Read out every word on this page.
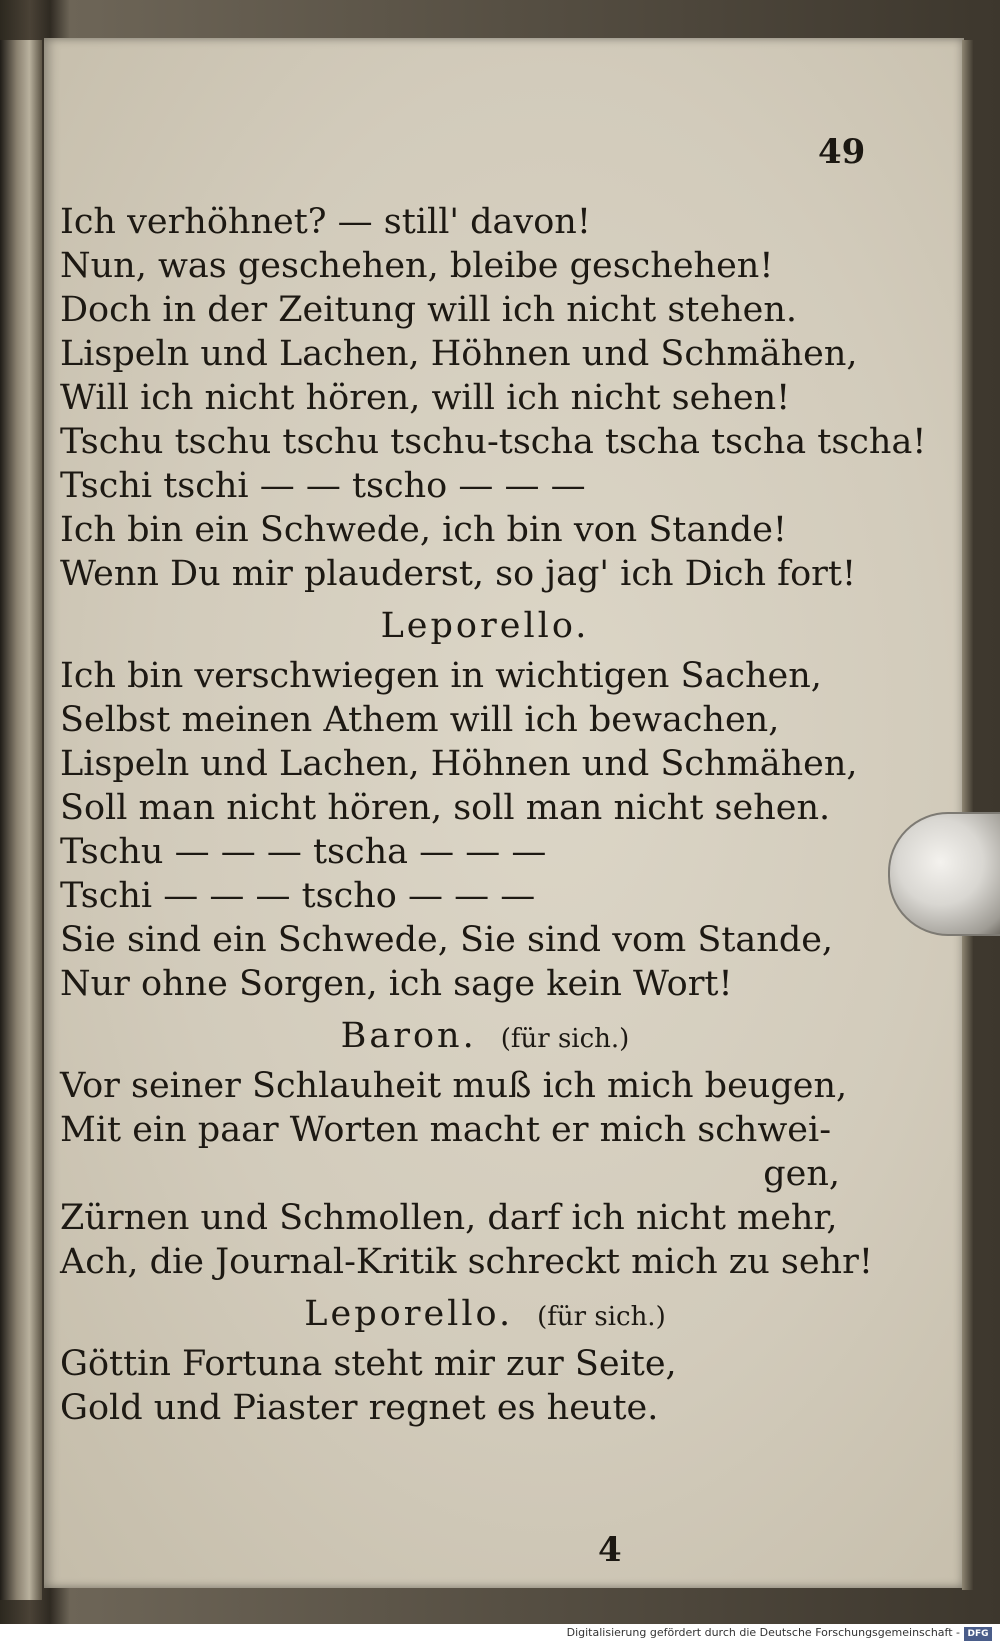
49
Ich verhöhnet? — still' davon!
Nun, was geschehen, bleibe geschehen!
Doch in der Zeitung will ich nicht stehen.
Lispeln und Lachen, Höhnen und Schmähen,
Will ich nicht hören, will ich nicht sehen!
Tschu tschu tschu tschu-tscha tscha tscha tscha!
Tschi tschi — — tscho — — —
Ich bin ein Schwede, ich bin von Stande!
Wenn Du mir plauderst, so jag' ich Dich fort!
Leporello.
Ich bin verschwiegen in wichtigen Sachen,
Selbst meinen Athem will ich bewachen,
Lispeln und Lachen, Höhnen und Schmähen,
Soll man nicht hören, soll man nicht sehen.
Tschu — — — tscha — — —
Tschi — — — tscho — — —
Sie sind ein Schwede, Sie sind vom Stande,
Nur ohne Sorgen, ich sage kein Wort!
Baron. (für sich.)
Vor seiner Schlauheit muß ich mich beugen,
Mit ein paar Worten macht er mich schwei-
gen,
Zürnen und Schmollen, darf ich nicht mehr,
Ach, die Journal-Kritik schreckt mich zu sehr!
Leporello. (für sich.)
Göttin Fortuna steht mir zur Seite,
Gold und Piaster regnet es heute.
4
Digitalisierung gefördert durch die Deutsche Forschungsgemeinschaft - DFG
